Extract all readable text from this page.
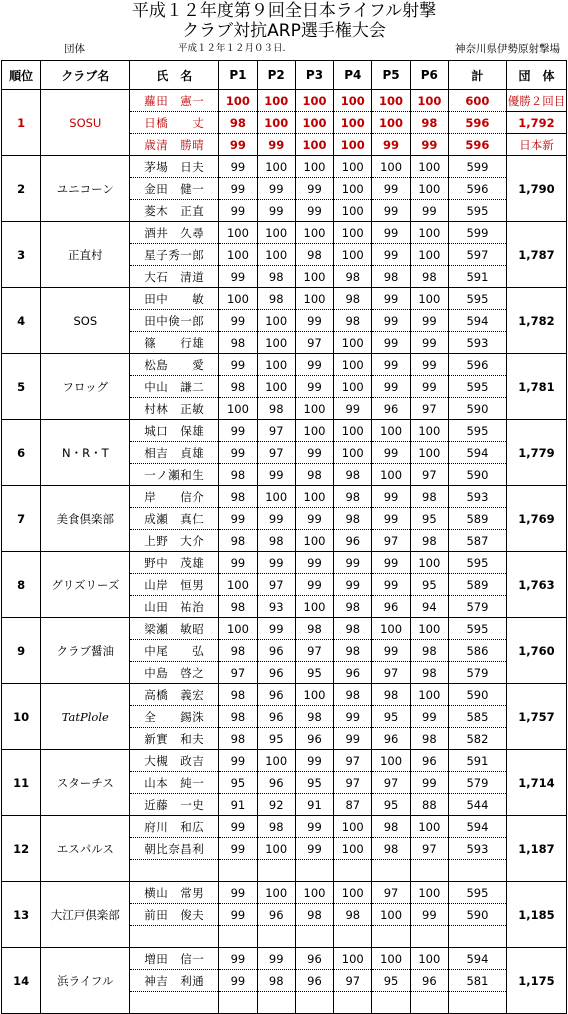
平成１２年度第９回全日本ライフル射撃
クラブ対抗ARP選手権大会
団体	平成１２年１２月０３日.	神奈川県伊勢原射撃場
順位	クラブ名	氏　名	P1	P2	P3	P4	P5	P6	計	団　体
1	SOSU	蘿田　憲一	100	100	100	100	100	100	600	優勝２回目
		日橋　　丈	98	100	100	100	100	98	596	1,792
		歳清　勝晴	99	99	100	100	99	99	596	日本新
2	ユニコーン	茅場　日夫	99	100	100	100	100	100	599	1,790
		金田　健一	99	99	99	100	99	100	596	
		菱木　正直	99	99	99	100	99	99	595	
3	正直村	酒井　久尋	100	100	100	100	99	100	599	1,787
		星子秀一郎	100	100	98	100	99	100	597	
		大石　清道	99	98	100	98	98	98	591	
4	SOS	田中　　敏	100	98	100	98	99	100	595	1,782
		田中倹一郎	99	100	99	98	99	99	594	
		篠　　行雄	98	100	97	100	99	99	593	
5	フロッグ	松島　　愛	99	100	99	100	99	99	596	1,781
		中山　謙二	98	100	99	100	99	99	595	
		村林　正敏	100	98	100	99	96	97	590	
6	N・R・T	城口　保雄	99	97	100	100	100	100	595	1,779
		相吉　貞雄	99	97	99	100	99	100	594	
		一ノ瀬和生	98	99	98	98	100	97	590	
7	美食倶楽部	岸　　信介	98	100	100	98	99	98	593	1,769
		成瀬　真仁	99	99	99	98	99	95	589	
		上野　大介	98	98	100	96	97	98	587	
8	グリズリーズ	野中　茂雄	99	99	99	99	99	100	595	1,763
		山岸　恒男	100	97	99	99	99	95	589	
		山田　祐治	98	93	100	98	96	94	579	
9	クラブ醤油	梁瀬　敏昭	100	99	98	98	100	100	595	1,760
		中尾　　弘	98	96	97	98	99	98	586	
		中島　啓之	97	96	95	96	97	98	579	
10	TatPlole	高橋　義宏	98	96	100	98	98	100	590	1,757
		全　　錫洙	98	96	98	99	95	99	585	
		新實　和夫	98	95	96	99	96	98	582	
11	スターチス	大槻　政吉	99	100	99	97	100	96	591	1,714
		山本　純一	95	96	95	97	97	99	579	
		近藤　一史	91	92	91	87	95	88	544	
12	エスパルス	府川　和広	99	98	99	100	98	100	594	1,187
		朝比奈昌利	99	100	99	100	98	97	593	

13	大江戸倶楽部	横山　常男	99	100	100	100	97	100	595	1,185
		前田　俊夫	99	96	98	98	100	99	590	

14	浜ライフル	増田　信一	99	99	96	100	100	100	594	1,175
		神吉　利通	99	98	96	97	95	96	581	
